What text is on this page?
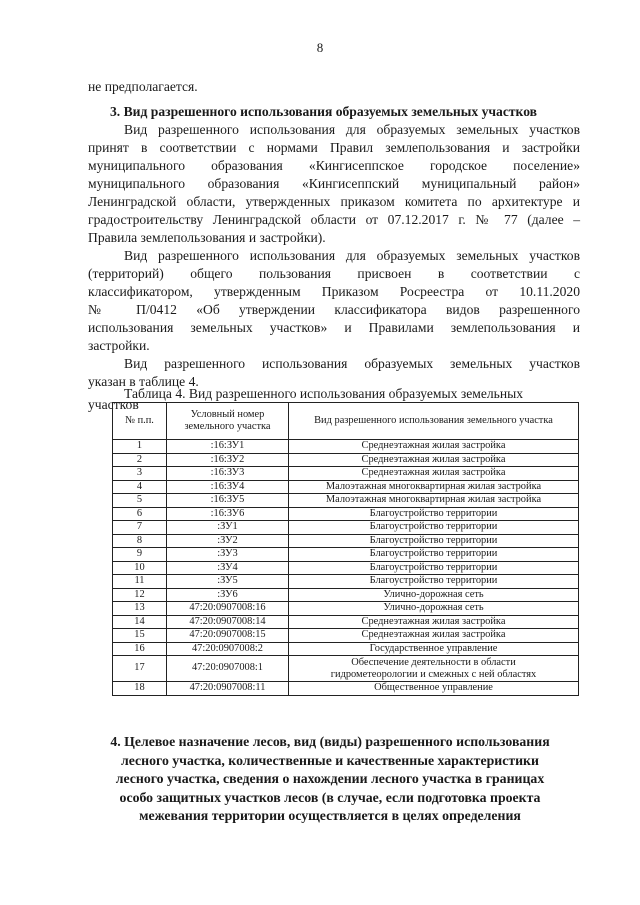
8
не предполагается.
3. Вид разрешенного использования образуемых земельных участков
Вид разрешенного использования для образуемых земельных участков
принят в соответствии с нормами Правил землепользования и застройки
муниципального образования «Кингисеппское городское поселение»
муниципального образования «Кингисеппский муниципальный район»
Ленинградской области, утвержденных приказом комитета по архитектуре и
градостроительству Ленинградской области от 07.12.2017 г. № 77 (далее –
Правила землепользования и застройки).
Вид разрешенного использования для образуемых земельных участков
(территорий) общего пользования присвоен в соответствии с
классификатором, утвержденным Приказом Росреестра от 10.11.2020
№ П/0412 «Об утверждении классификатора видов разрешенного
использования земельных участков» и Правилами землепользования и
застройки.
Вид разрешенного использования образуемых земельных участков
указан в таблице 4.
Таблица 4. Вид разрешенного использования образуемых земельных
участков
№ п.п.	Условный номер земельного участка	Вид разрешенного использования земельного участка
1	:16:ЗУ1	Среднеэтажная жилая застройка
2	:16:ЗУ2	Среднеэтажная жилая застройка
3	:16:ЗУ3	Среднеэтажная жилая застройка
4	:16:ЗУ4	Малоэтажная многоквартирная жилая застройка
5	:16:ЗУ5	Малоэтажная многоквартирная жилая застройка
6	:16:ЗУ6	Благоустройство территории
7	:ЗУ1	Благоустройство территории
8	:ЗУ2	Благоустройство территории
9	:ЗУ3	Благоустройство территории
10	:ЗУ4	Благоустройство территории
11	:ЗУ5	Благоустройство территории
12	:ЗУ6	Улично-дорожная сеть
13	47:20:0907008:16	Улично-дорожная сеть
14	47:20:0907008:14	Среднеэтажная жилая застройка
15	47:20:0907008:15	Среднеэтажная жилая застройка
16	47:20:0907008:2	Государственное управление
17	47:20:0907008:1	Обеспечение деятельности в области гидрометеорологии и смежных с ней областях
18	47:20:0907008:11	Общественное управление
4. Целевое назначение лесов, вид (виды) разрешенного использования
лесного участка, количественные и качественные характеристики
лесного участка, сведения о нахождении лесного участка в границах
особо защитных участков лесов (в случае, если подготовка проекта
межевания территории осуществляется в целях определения
